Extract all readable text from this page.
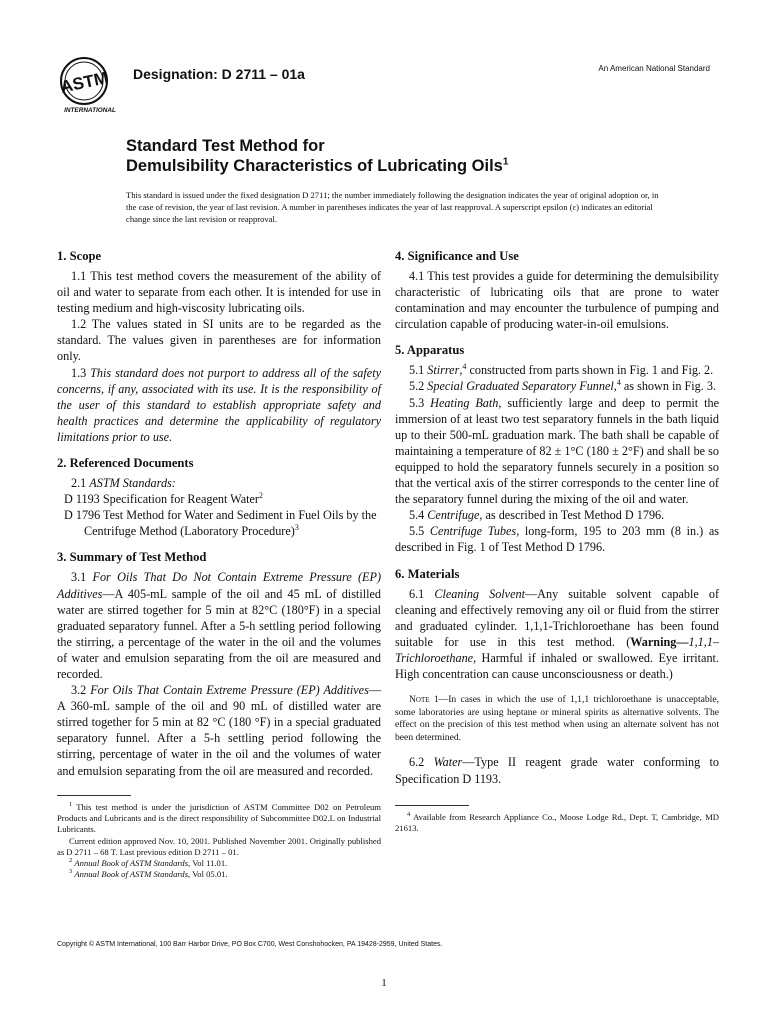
ASTM
INTERNATIONAL
Designation: D 2711 – 01a	An American National Standard
Standard Test Method for
Demulsibility Characteristics of Lubricating Oils$^1$
This standard is issued under the fixed designation D 2711; the number immediately following the designation indicates the year of original adoption or, in the case of revision, the year of last revision. A number in parentheses indicates the year of last reapproval. A superscript epsilon (ε) indicates an editorial change since the last revision or reapproval.
1. Scope

1.1 This test method covers the measurement of the ability of oil and water to separate from each other. It is intended for use in testing medium and high-viscosity lubricating oils.

1.2 The values stated in SI units are to be regarded as the standard. The values given in parentheses are for information only.

1.3 This standard does not purport to address all of the safety concerns, if any, associated with its use. It is the responsibility of the user of this standard to establish appropriate safety and health practices and determine the applicability of regulatory limitations prior to use.

2. Referenced Documents

2.1 ASTM Standards:

D 1193 Specification for Reagent Water$^2$

D 1796 Test Method for Water and Sediment in Fuel Oils by the Centrifuge Method (Laboratory Procedure)$^3$

3. Summary of Test Method

3.1 For Oils That Do Not Contain Extreme Pressure (EP) Additives—A 405-mL sample of the oil and 45 mL of distilled water are stirred together for 5 min at 82°C (180°F) in a special graduated separatory funnel. After a 5-h settling period following the stirring, a percentage of the water in the oil and the volumes of water and emulsion separating from the oil are measured and recorded.

3.2 For Oils That Contain Extreme Pressure (EP) Additives—A 360-mL sample of the oil and 90 mL of distilled water are stirred together for 5 min at 82 °C (180 °F) in a special graduated separatory funnel. After a 5-h settling period following the stirring, percentage of water in the oil and the volumes of water and emulsion separating from the oil are measured and recorded.

$^1$ This test method is under the jurisdiction of ASTM Committee D02 on Petroleum Products and Lubricants and is the direct responsibility of Subcommittee D02.L on Industrial Lubricants.

Current edition approved Nov. 10, 2001. Published November 2001. Originally published as D 2711 – 68 T. Last previous edition D 2711 – 01.

$^2$ Annual Book of ASTM Standards, Vol 11.01.

$^3$ Annual Book of ASTM Standards, Vol 05.01.

4. Significance and Use

4.1 This test provides a guide for determining the demulsibility characteristic of lubricating oils that are prone to water contamination and may encounter the turbulence of pumping and circulation capable of producing water-in-oil emulsions.

5. Apparatus

5.1 Stirrer,$^4$ constructed from parts shown in Fig. 1 and Fig. 2.

5.2 Special Graduated Separatory Funnel,$^4$ as shown in Fig. 3.

5.3 Heating Bath, sufficiently large and deep to permit the immersion of at least two test separatory funnels in the bath liquid up to their 500-mL graduation mark. The bath shall be capable of maintaining a temperature of 82 ± 1°C (180 ± 2°F) and shall be so equipped to hold the separatory funnels securely in a position so that the vertical axis of the stirrer corresponds to the center line of the separatory funnel during the mixing of the oil and water.

5.4 Centrifuge, as described in Test Method D 1796.

5.5 Centrifuge Tubes, long-form, 195 to 203 mm (8 in.) as described in Fig. 1 of Test Method D 1796.

6. Materials

6.1 Cleaning Solvent—Any suitable solvent capable of cleaning and effectively removing any oil or fluid from the stirrer and graduated cylinder. 1,1,1-Trichloroethane has been found suitable for use in this test method. (Warning—1,1,1–Trichloroethane, Harmful if inhaled or swallowed. Eye irritant. High concentration can cause unconsciousness or death.)

Note 1—In cases in which the use of 1,1,1 trichloroethane is unacceptable, some laboratories are using heptane or mineral spirits as alternative solvents. The effect on the precision of this test method when using an alternate solvent has not been determined.

6.2 Water—Type II reagent grade water conforming to Specification D 1193.

$^4$ Available from Research Appliance Co., Moose Lodge Rd., Dept. T, Cambridge, MD 21613.

Copyright © ASTM International, 100 Barr Harbor Drive, PO Box C700, West Conshohocken, PA 19428-2959, United States.
1
